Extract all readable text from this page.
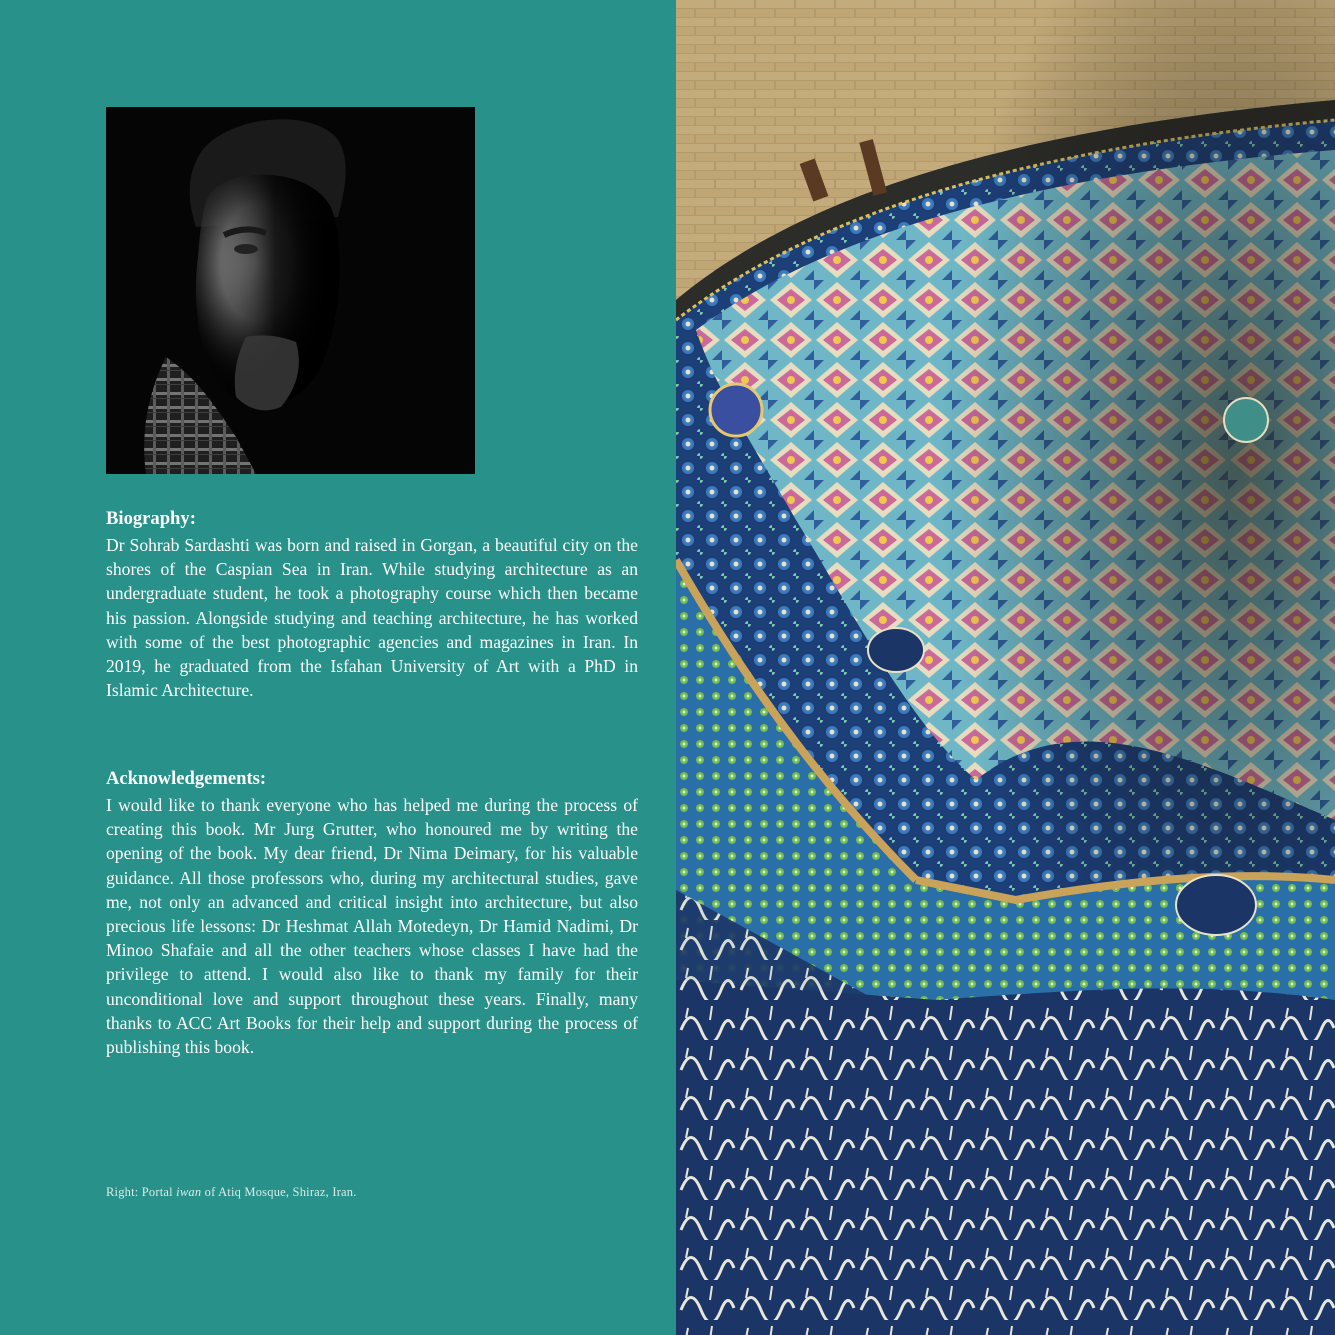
Biography:

Dr Sohrab Sardashti was born and raised in Gorgan, a beautiful city on the shores of the Caspian Sea in Iran. While studying architecture as an undergraduate student, he took a photography course which then became his passion. Alongside studying and teaching architecture, he has worked with some of the best photographic agencies and magazines in Iran. In 2019, he graduated from the Isfahan University of Art with a PhD in Islamic Architecture.

Acknowledgements:

I would like to thank everyone who has helped me during the process of creating this book. Mr Jurg Grutter, who honoured me by writing the opening of the book. My dear friend, Dr Nima Deimary, for his valuable guidance. All those professors who, during my architectural studies, gave me, not only an advanced and critical insight into architecture, but also precious life lessons: Dr Heshmat Allah Motedeyn, Dr Hamid Nadimi, Dr Minoo Shafaie and all the other teachers whose classes I have had the privilege to attend. I would also like to thank my family for their unconditional love and support throughout these years. Finally, many thanks to ACC Art Books for their help and support during the process of publishing this book.

Right: Portal iwan of Atiq Mosque, Shiraz, Iran.
